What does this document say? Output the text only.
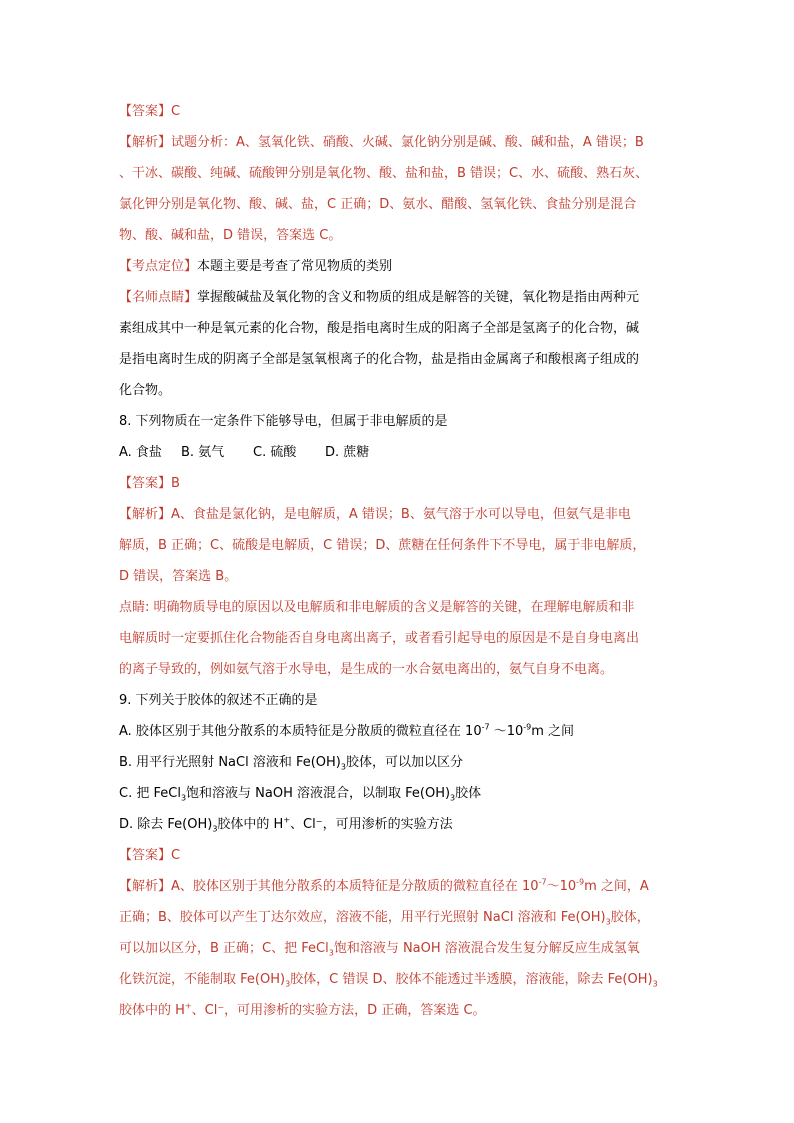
【答案】C
【解析】试题分析：A、氢氧化铁、硝酸、火碱、氯化钠分别是碱、酸、碱和盐，A 错误；B
、干冰、碳酸、纯碱、硫酸钾分别是氧化物、酸、盐和盐，B 错误；C、水、硫酸、熟石灰、
氯化钾分别是氧化物、酸、碱、盐，C 正确；D、氨水、醋酸、氢氧化铁、食盐分别是混合
物、酸、碱和盐，D 错误，答案选 C。
【考点定位】本题主要是考查了常见物质的类别
【名师点睛】掌握酸碱盐及氧化物的含义和物质的组成是解答的关键，氧化物是指由两种元
素组成其中一种是氧元素的化合物，酸是指电离时生成的阳离子全部是氢离子的化合物，碱
是指电离时生成的阴离子全部是氢氧根离子的化合物，盐是指由金属离子和酸根离子组成的
化合物。
8. 下列物质在一定条件下能够导电，但属于非电解质的是
A. 食盐 B. 氨气 C. 硫酸 D. 蔗糖
【答案】B
【解析】A、食盐是氯化钠，是电解质，A 错误；B、氨气溶于水可以导电，但氨气是非电
解质，B 正确；C、硫酸是电解质，C 错误；D、蔗糖在任何条件下不导电，属于非电解质，
D 错误，答案选 B。
点睛: 明确物质导电的原因以及电解质和非电解质的含义是解答的关键，在理解电解质和非
电解质时一定要抓住化合物能否自身电离出离子，或者看引起导电的原因是不是自身电离出
的离子导致的，例如氨气溶于水导电，是生成的一水合氨电离出的，氨气自身不电离。
9. 下列关于胶体的叙述不正确的是
A. 胶体区别于其他分散系的本质特征是分散质的微粒直径在 $10^{-7}$ $\sim 10^{-9}m$ 之间
B. 用平行光照射 NaCl 溶液和 $Fe(OH)_3$胶体，可以加以区分
C. 把 FeCl$_3$饱和溶液与 NaOH 溶液混合，以制取 $Fe(OH)_3$胶体
D. 除去 $Fe(OH)_3$胶体中的 H+、Cl⁻，可用渗析的实验方法
【答案】C
【解析】A、胶体区别于其他分散系的本质特征是分散质的微粒直径在 $10^{-7}\sim 10^{-9}m$ 之间，A
正确；B、胶体可以产生丁达尔效应，溶液不能，用平行光照射 NaCl 溶液和 $Fe(OH)_3$胶体，
可以加以区分，B 正确；C、把 FeCl$_3$饱和溶液与 NaOH 溶液混合发生复分解反应生成氢氧
化铁沉淀，不能制取 $Fe(OH)_3$胶体，C 错误 D、胶体不能透过半透膜，溶液能，除去 $Fe(OH)_3$
胶体中的 H+、Cl⁻，可用渗析的实验方法，D 正确，答案选 C。
